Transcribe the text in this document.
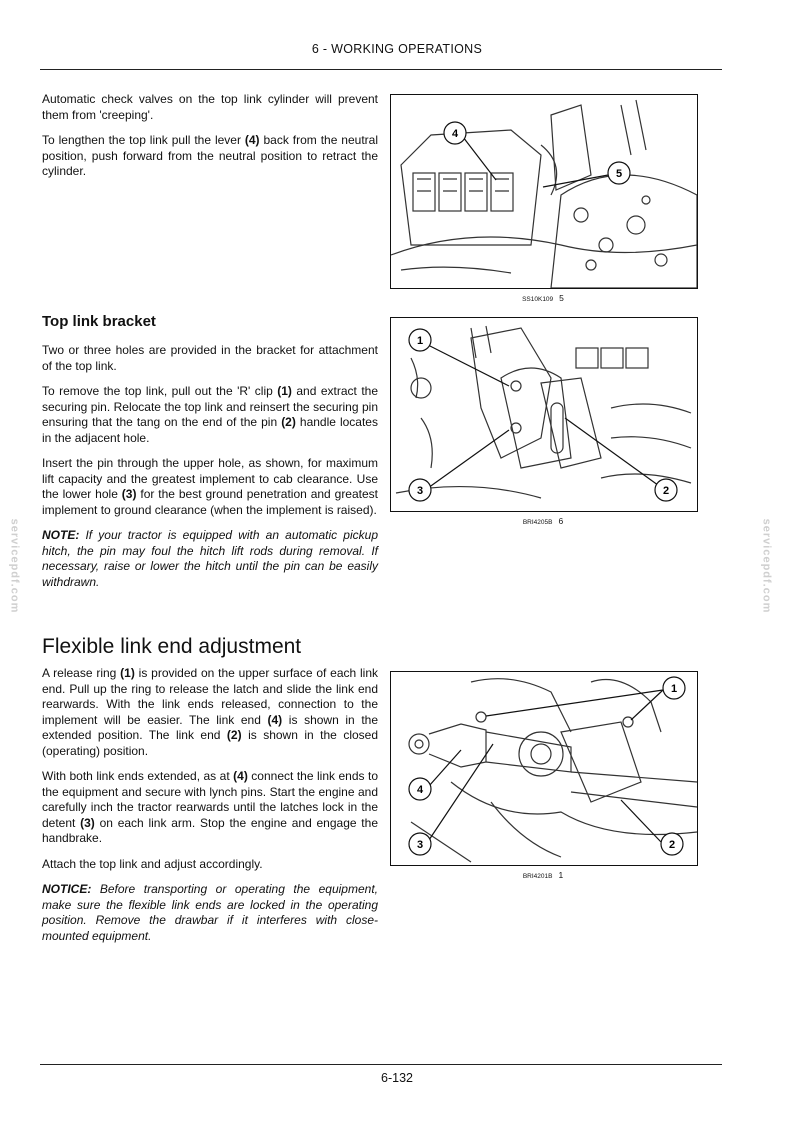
6 - WORKING OPERATIONS

Automatic check valves on the top link cylinder will prevent them from 'creeping'.

To lengthen the top link pull the lever (4) back from the neutral position, push forward from the neutral position to retract the cylinder.

4
5
SS10K109 5
Top link bracket

Two or three holes are provided in the bracket for attachment of the top link.

To remove the top link, pull out the 'R' clip (1) and extract the securing pin. Relocate the top link and reinsert the securing pin ensuring that the tang on the end of the pin (2) handle locates in the adjacent hole.

Insert the pin through the upper hole, as shown, for maximum lift capacity and the greatest implement to cab clearance. Use the lower hole (3) for the best ground penetration and greatest implement to ground clearance (when the implement is raised).

NOTE: If your tractor is equipped with an automatic pickup hitch, the pin may foul the hitch lift rods during removal. If necessary, raise or lower the hitch until the pin can be easily withdrawn.

1
3	2
BRI4205B 6
Flexible link end adjustment

A release ring (1) is provided on the upper surface of each link end. Pull up the ring to release the latch and slide the link end rearwards. With the link ends released, connection to the implement will be easier. The link end (4) is shown in the extended position. The link end (2) is shown in the closed (operating) position.

With both link ends extended, as at (4) connect the link ends to the equipment and secure with lynch pins. Start the engine and carefully inch the tractor rearwards until the latches lock in the detent (3) on each link arm. Stop the engine and engage the handbrake.

Attach the top link and adjust accordingly.

NOTICE: Before transporting or operating the equipment, make sure the flexible link ends are locked in the operating position. Remove the drawbar if it interferes with close-mounted equipment.

1
4
3	2
BRI4201B 1
servicepdf.com	servicepdf.com
6-132
